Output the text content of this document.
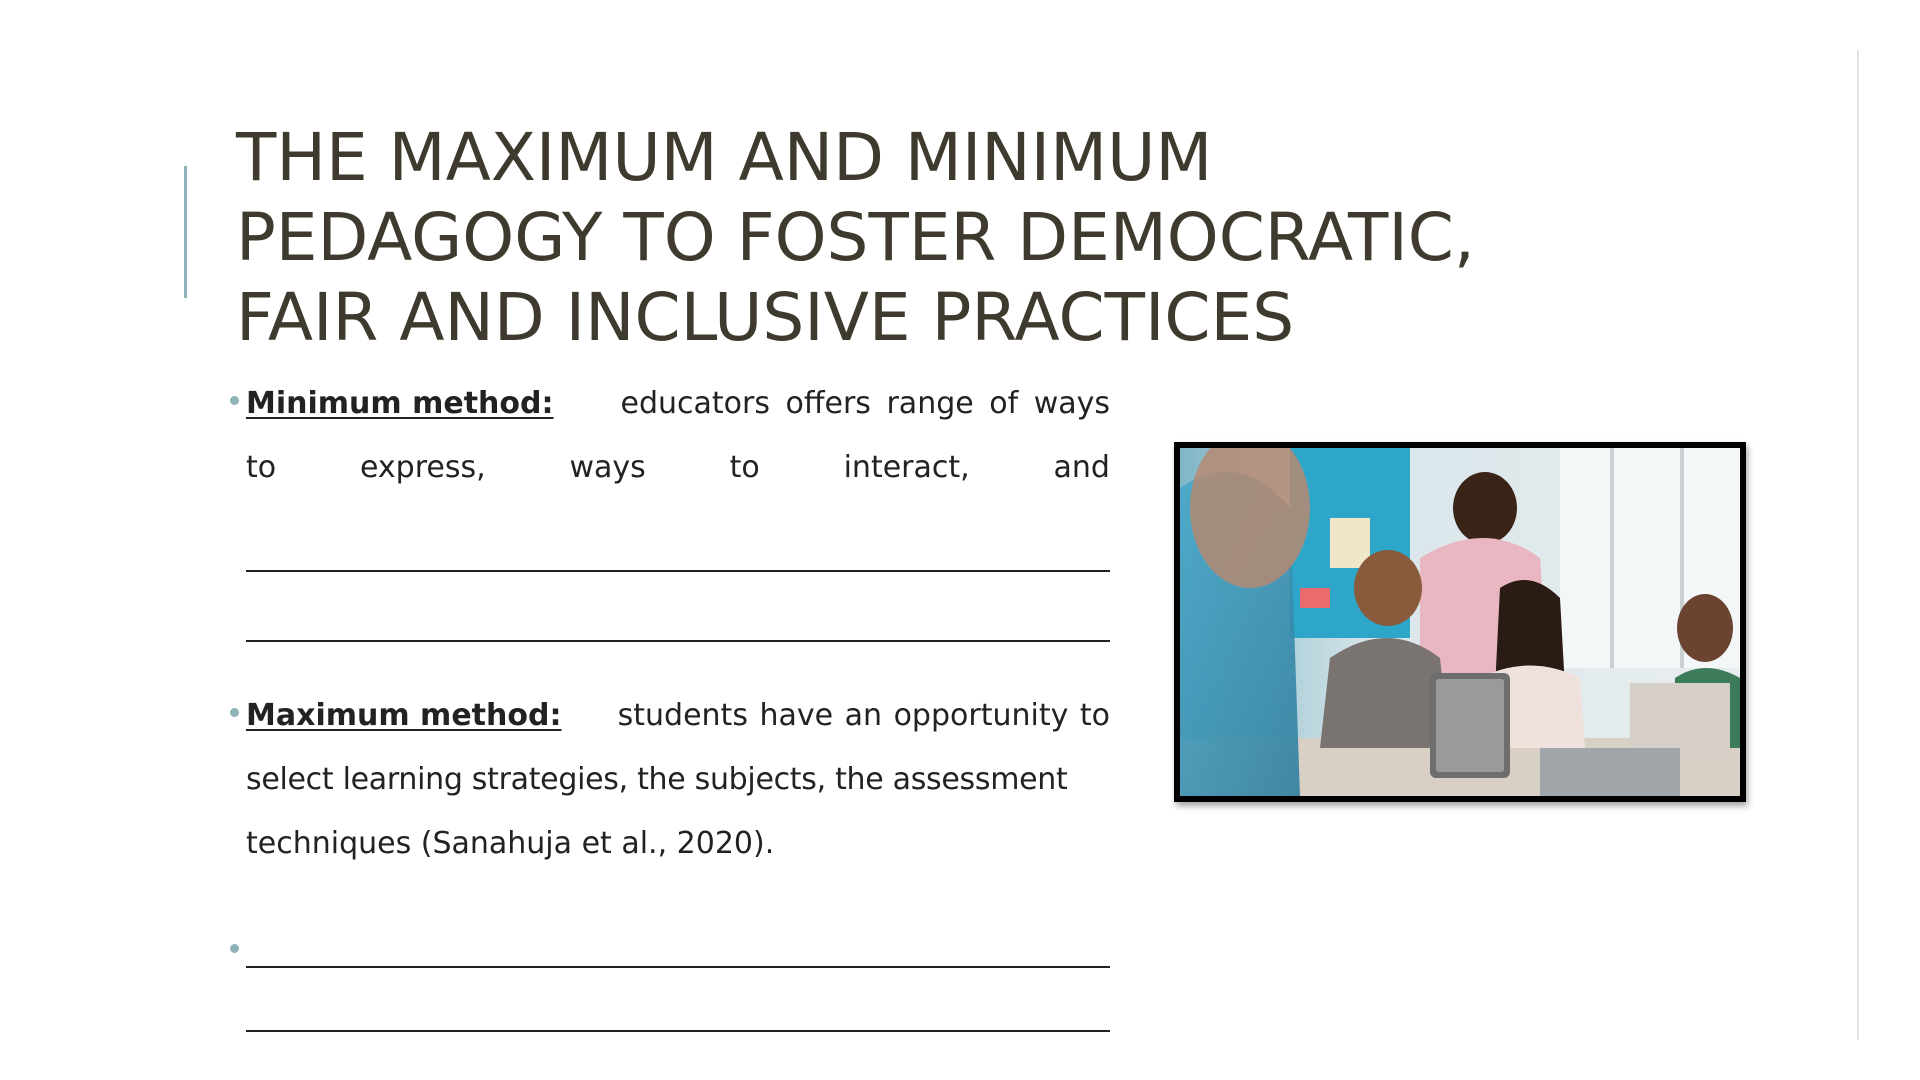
THE MAXIMUM AND MINIMUM
PEDAGOGY TO FOSTER DEMOCRATIC,
FAIR AND INCLUSIVE PRACTICES
Minimum method: educators offers range of ways
to	express,	ways	to	interact,	and
Maximum method: students have an opportunity to
select learning strategies, the subjects, the assessment
techniques (Sanahuja et al., 2020).
